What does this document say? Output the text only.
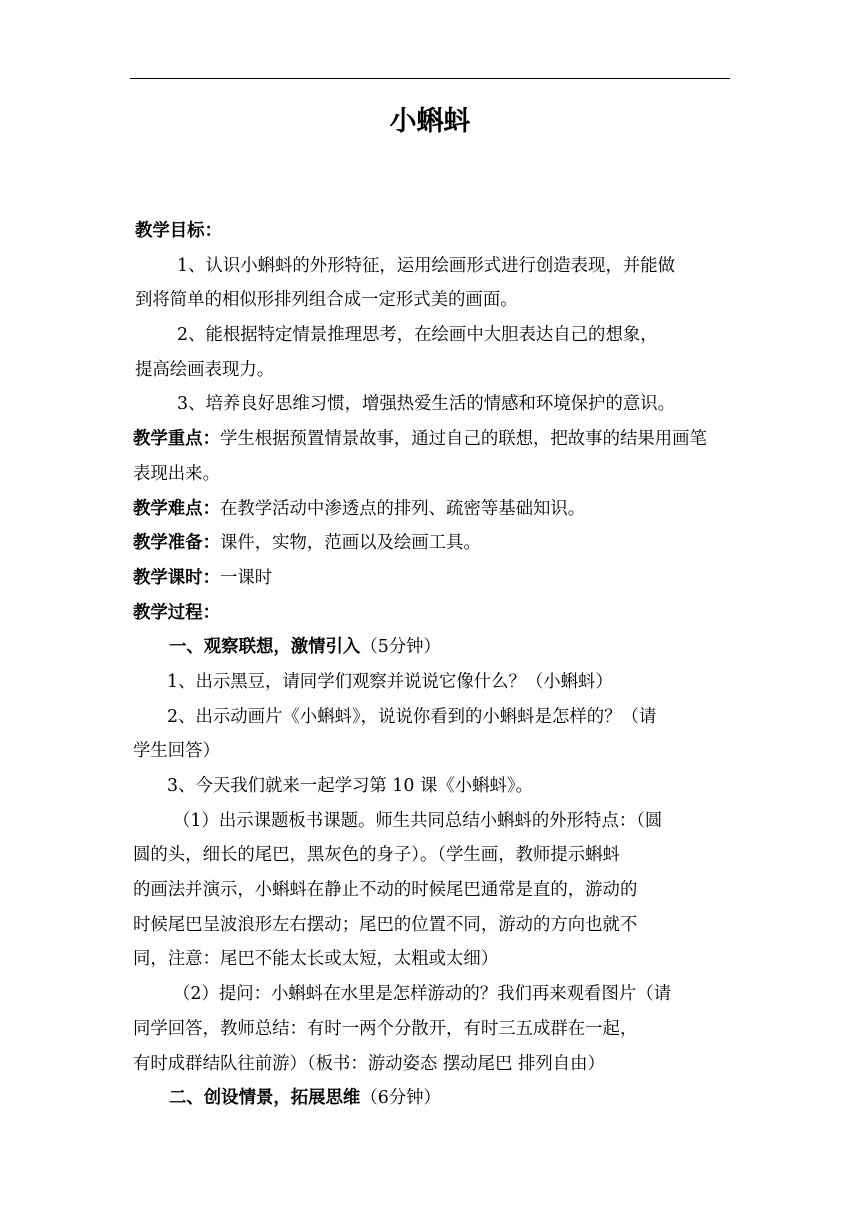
小蝌蚪
教学目标：
1、认识小蝌蚪的外形特征，运用绘画形式进行创造表现，并能做
到将简单的相似形排列组合成一定形式美的画面。
2、能根据特定情景推理思考，在绘画中大胆表达自己的想象，
提高绘画表现力。
3、培养良好思维习惯，增强热爱生活的情感和环境保护的意识。
教学重点：学生根据预置情景故事，通过自己的联想，把故事的结果用画笔
表现出来。
教学难点：在教学活动中渗透点的排列、疏密等基础知识。
教学准备：课件，实物，范画以及绘画工具。
教学课时：一课时
教学过程：
一、观察联想，激情引入（5分钟）
1、出示黑豆，请同学们观察并说说它像什么？（小蝌蚪）
2、出示动画片《小蝌蚪》，说说你看到的小蝌蚪是怎样的？（请
学生回答）
3、今天我们就来一起学习第 10 课《小蝌蚪》。
（1）出示课题板书课题。师生共同总结小蝌蚪的外形特点：（圆
圆的头，细长的尾巴，黑灰色的身子）。（学生画，教师提示蝌蚪
的画法并演示，小蝌蚪在静止不动的时候尾巴通常是直的，游动的
时候尾巴呈波浪形左右摆动；尾巴的位置不同，游动的方向也就不
同，注意：尾巴不能太长或太短，太粗或太细）
（2）提问：小蝌蚪在水里是怎样游动的？我们再来观看图片（请
同学回答，教师总结：有时一两个分散开，有时三五成群在一起，
有时成群结队往前游）（板书：游动姿态 摆动尾巴 排列自由）
二、创设情景，拓展思维（6分钟）
